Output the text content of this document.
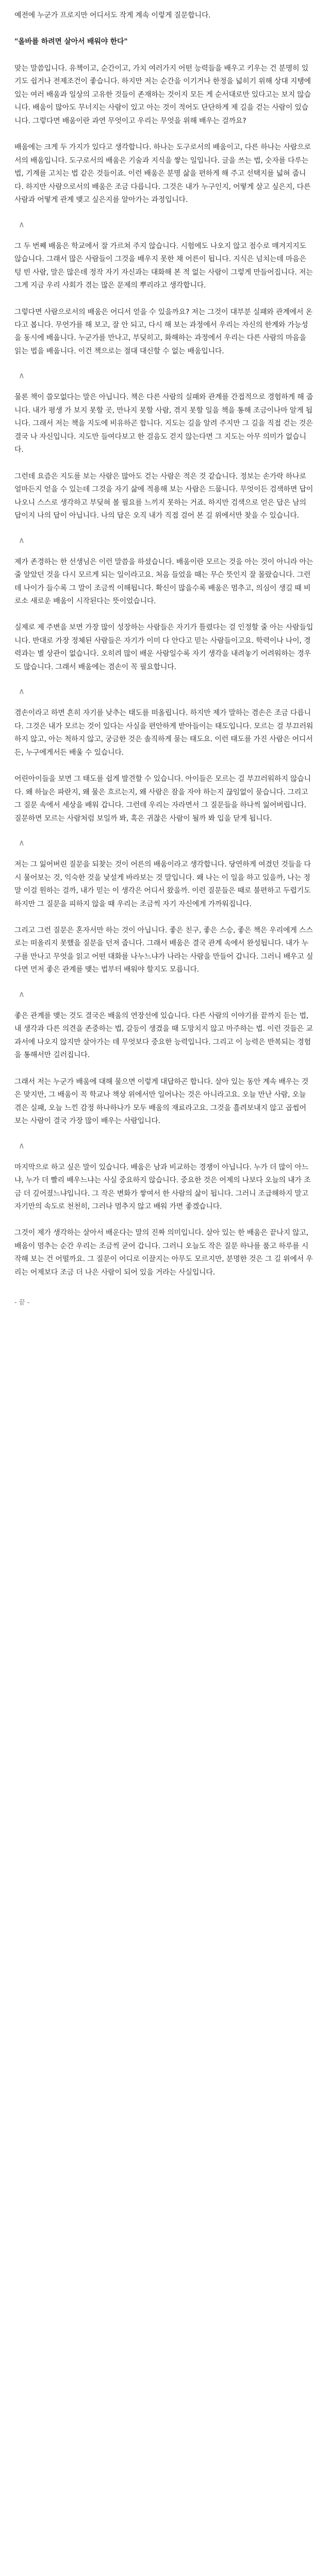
예전에 누군가 프로지만 어디서도 작게 계속 이렇게 질문합니다.

"올바를 하려면 살아서 배워야 한다"

맞는 말씀입니다. 유책이고, 순간이고, 가치 여러가지 어떤 능력들을 배우고 키우는 건 분명히 있기도 쉽거나 전제조건이 좋습니다. 하지만 저는 순간을 이기거나 한정을 넓히기 위해 상대 지탱에 있는 여러 배움과 일상의 고유한 것들이 존재하는 것이지 모든 게 순서대로만 있다고는 보지 않습니다. 배움이 많아도 무너지는 사람이 있고 아는 것이 적어도 단단하게 제 길을 걷는 사람이 있습니다. 그렇다면 배움이란 과연 무엇이고 우리는 무엇을 위해 배우는 걸까요?

배움에는 크게 두 가지가 있다고 생각합니다. 하나는 도구로서의 배움이고, 다른 하나는 사람으로서의 배움입니다. 도구로서의 배움은 기술과 지식을 쌓는 일입니다. 글을 쓰는 법, 숫자를 다루는 법, 기계를 고치는 법 같은 것들이죠. 이런 배움은 분명 삶을 편하게 해 주고 선택지를 넓혀 줍니다. 하지만 사람으로서의 배움은 조금 다릅니다. 그것은 내가 누구인지, 어떻게 살고 싶은지, 다른 사람과 어떻게 관계 맺고 싶은지를 알아가는 과정입니다.

∧

그 두 번째 배움은 학교에서 잘 가르쳐 주지 않습니다. 시험에도 나오지 않고 점수로 매겨지지도 않습니다. 그래서 많은 사람들이 그것을 배우지 못한 채 어른이 됩니다. 지식은 넘치는데 마음은 텅 빈 사람, 말은 많은데 정작 자기 자신과는 대화해 본 적 없는 사람이 그렇게 만들어집니다. 저는 그게 지금 우리 사회가 겪는 많은 문제의 뿌리라고 생각합니다.

그렇다면 사람으로서의 배움은 어디서 얻을 수 있을까요? 저는 그것이 대부분 실패와 관계에서 온다고 봅니다. 무언가를 해 보고, 잘 안 되고, 다시 해 보는 과정에서 우리는 자신의 한계와 가능성을 동시에 배웁니다. 누군가를 만나고, 부딪히고, 화해하는 과정에서 우리는 다른 사람의 마음을 읽는 법을 배웁니다. 이건 책으로는 절대 대신할 수 없는 배움입니다.

∧

물론 책이 쓸모없다는 말은 아닙니다. 책은 다른 사람의 실패와 관계를 간접적으로 경험하게 해 줍니다. 내가 평생 가 보지 못할 곳, 만나지 못할 사람, 겪지 못할 일을 책을 통해 조금이나마 알게 됩니다. 그래서 저는 책을 지도에 비유하곤 합니다. 지도는 길을 알려 주지만 그 길을 직접 걷는 것은 결국 나 자신입니다. 지도만 들여다보고 한 걸음도 걷지 않는다면 그 지도는 아무 의미가 없습니다.

그런데 요즘은 지도를 보는 사람은 많아도 걷는 사람은 적은 것 같습니다. 정보는 손가락 하나로 얼마든지 얻을 수 있는데 그것을 자기 삶에 적용해 보는 사람은 드뭅니다. 무엇이든 검색하면 답이 나오니 스스로 생각하고 부딪혀 볼 필요를 느끼지 못하는 거죠. 하지만 검색으로 얻은 답은 남의 답이지 나의 답이 아닙니다. 나의 답은 오직 내가 직접 걸어 본 길 위에서만 찾을 수 있습니다.

∧

제가 존경하는 한 선생님은 이런 말씀을 하셨습니다. 배움이란 모르는 것을 아는 것이 아니라 아는 줄 알았던 것을 다시 모르게 되는 일이라고요. 처음 들었을 때는 무슨 뜻인지 잘 몰랐습니다. 그런데 나이가 들수록 그 말이 조금씩 이해됩니다. 확신이 많을수록 배움은 멈추고, 의심이 생길 때 비로소 새로운 배움이 시작된다는 뜻이었습니다.

실제로 제 주변을 보면 가장 많이 성장하는 사람들은 자기가 틀렸다는 걸 인정할 줄 아는 사람들입니다. 반대로 가장 정체된 사람들은 자기가 이미 다 안다고 믿는 사람들이고요. 학력이나 나이, 경력과는 별 상관이 없습니다. 오히려 많이 배운 사람일수록 자기 생각을 내려놓기 어려워하는 경우도 많습니다. 그래서 배움에는 겸손이 꼭 필요합니다.

∧

겸손이라고 하면 흔히 자기를 낮추는 태도를 떠올립니다. 하지만 제가 말하는 겸손은 조금 다릅니다. 그것은 내가 모르는 것이 있다는 사실을 편안하게 받아들이는 태도입니다. 모르는 걸 부끄러워하지 않고, 아는 척하지 않고, 궁금한 것은 솔직하게 묻는 태도요. 이런 태도를 가진 사람은 어디서든, 누구에게서든 배울 수 있습니다.

어린아이들을 보면 그 태도를 쉽게 발견할 수 있습니다. 아이들은 모르는 걸 부끄러워하지 않습니다. 왜 하늘은 파란지, 왜 물은 흐르는지, 왜 사람은 잠을 자야 하는지 끊임없이 묻습니다. 그리고 그 질문 속에서 세상을 배워 갑니다. 그런데 우리는 자라면서 그 질문들을 하나씩 잃어버립니다. 질문하면 모르는 사람처럼 보일까 봐, 혹은 귀찮은 사람이 될까 봐 입을 닫게 됩니다.

∧

저는 그 잃어버린 질문을 되찾는 것이 어른의 배움이라고 생각합니다. 당연하게 여겼던 것들을 다시 물어보는 것, 익숙한 것을 낯설게 바라보는 것 말입니다. 왜 나는 이 일을 하고 있을까, 나는 정말 이걸 원하는 걸까, 내가 믿는 이 생각은 어디서 왔을까. 이런 질문들은 때로 불편하고 두렵기도 하지만 그 질문을 피하지 않을 때 우리는 조금씩 자기 자신에게 가까워집니다.

그리고 그런 질문은 혼자서만 하는 것이 아닙니다. 좋은 친구, 좋은 스승, 좋은 책은 우리에게 스스로는 떠올리지 못했을 질문을 던져 줍니다. 그래서 배움은 결국 관계 속에서 완성됩니다. 내가 누구를 만나고 무엇을 읽고 어떤 대화를 나누느냐가 나라는 사람을 만들어 갑니다. 그러니 배우고 싶다면 먼저 좋은 관계를 맺는 법부터 배워야 할지도 모릅니다.

∧

좋은 관계를 맺는 것도 결국은 배움의 연장선에 있습니다. 다른 사람의 이야기를 끝까지 듣는 법, 내 생각과 다른 의견을 존중하는 법, 갈등이 생겼을 때 도망치지 않고 마주하는 법. 이런 것들은 교과서에 나오지 않지만 살아가는 데 무엇보다 중요한 능력입니다. 그리고 이 능력은 반복되는 경험을 통해서만 길러집니다.

그래서 저는 누군가 배움에 대해 물으면 이렇게 대답하곤 합니다. 살아 있는 동안 계속 배우는 것은 맞지만, 그 배움이 꼭 학교나 책상 위에서만 일어나는 것은 아니라고요. 오늘 만난 사람, 오늘 겪은 실패, 오늘 느낀 감정 하나하나가 모두 배움의 재료라고요. 그것을 흘려보내지 않고 곱씹어 보는 사람이 결국 가장 많이 배우는 사람입니다.

∧

마지막으로 하고 싶은 말이 있습니다. 배움은 남과 비교하는 경쟁이 아닙니다. 누가 더 많이 아느냐, 누가 더 빨리 배우느냐는 사실 중요하지 않습니다. 중요한 것은 어제의 나보다 오늘의 내가 조금 더 깊어졌느냐입니다. 그 작은 변화가 쌓여서 한 사람의 삶이 됩니다. 그러니 조급해하지 말고 자기만의 속도로 천천히, 그러나 멈추지 않고 배워 가면 좋겠습니다.

그것이 제가 생각하는 살아서 배운다는 말의 진짜 의미입니다. 살아 있는 한 배움은 끝나지 않고, 배움이 멈추는 순간 우리는 조금씩 굳어 갑니다. 그러니 오늘도 작은 질문 하나를 품고 하루를 시작해 보는 건 어떨까요. 그 질문이 어디로 이끌지는 아무도 모르지만, 분명한 것은 그 길 위에서 우리는 어제보다 조금 더 나은 사람이 되어 있을 거라는 사실입니다.

- 끝 -
